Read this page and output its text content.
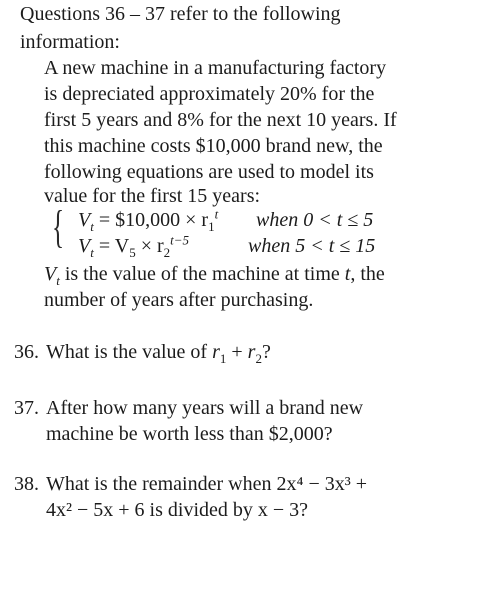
Questions 36 – 37 refer to the following
information:
A new machine in a manufacturing factory
is depreciated approximately 20% for the
first 5 years and 8% for the next 10 years. If
this machine costs $10,000 brand new, the
following equations are used to model its
value for the first 15 years:
{ $V_t$ = $10,000 × $r_1^t$ when 0 < t ≤ 5
$V_t = V_5 \times r_2^{t-5}$	when 5 < t ≤ 15
$V_t$ is the value of the machine at time t, the
number of years after purchasing.
36. What is the value of $r_1 + r_2$?
37. After how many years will a brand new
machine be worth less than $2,000?
38. What is the remainder when 2x⁴ − 3x³ +
4x² − 5x + 6 is divided by x − 3?
